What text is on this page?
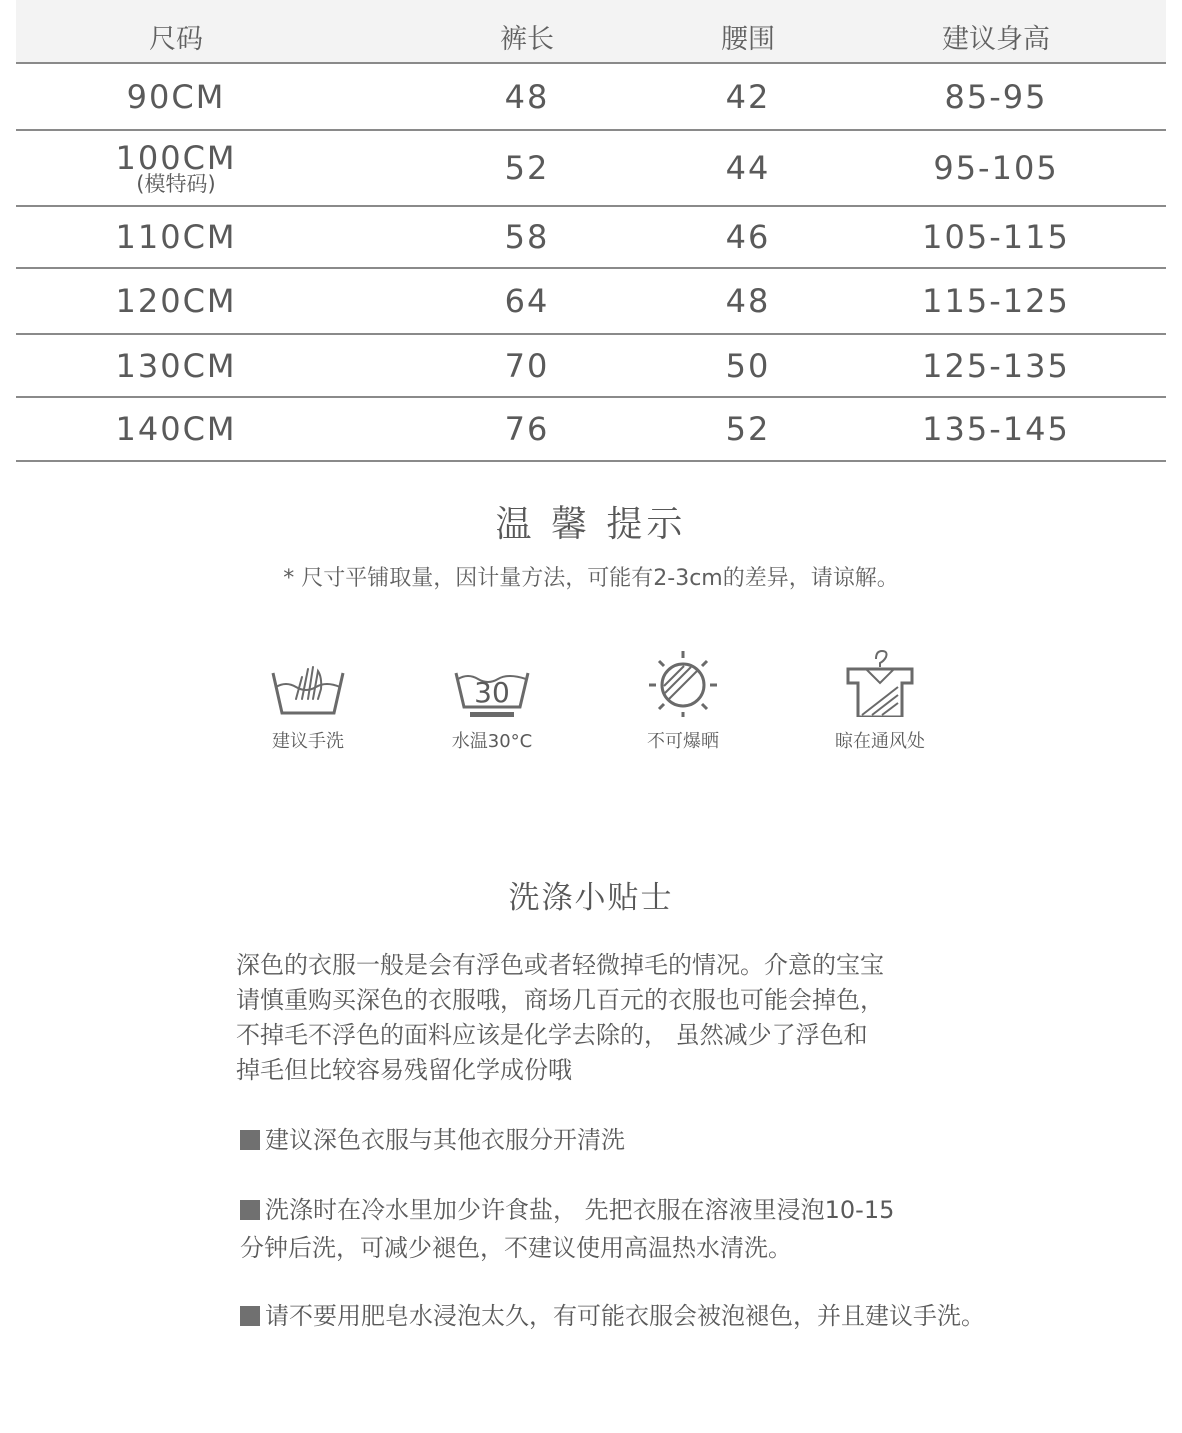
尺码	裤长	腰围	建议身高
90CM	48	42	85-95
100CM
(模特码)	52	44	95-105
110CM	58	46	105-115
120CM	64	48	115-125
130CM	70	50	125-135
140CM	76	52	135-145
温 馨 提示
* 尺寸平铺取量，因计量方法，可能有2-3cm的差异，请谅解。
建议手洗
30
水温30°C	不可爆晒	晾在通风处
洗涤小贴士
深色的衣服一般是会有浮色或者轻微掉毛的情况。介意的宝宝
请慎重购买深色的衣服哦，商场几百元的衣服也可能会掉色，
不掉毛不浮色的面料应该是化学去除的， 虽然减少了浮色和
掉毛但比较容易残留化学成份哦
建议深色衣服与其他衣服分开清洗
洗涤时在冷水里加少许食盐， 先把衣服在溶液里浸泡10-15
分钟后洗，可减少褪色，不建议使用高温热水清洗。
请不要用肥皂水浸泡太久，有可能衣服会被泡褪色，并且建议手洗。
